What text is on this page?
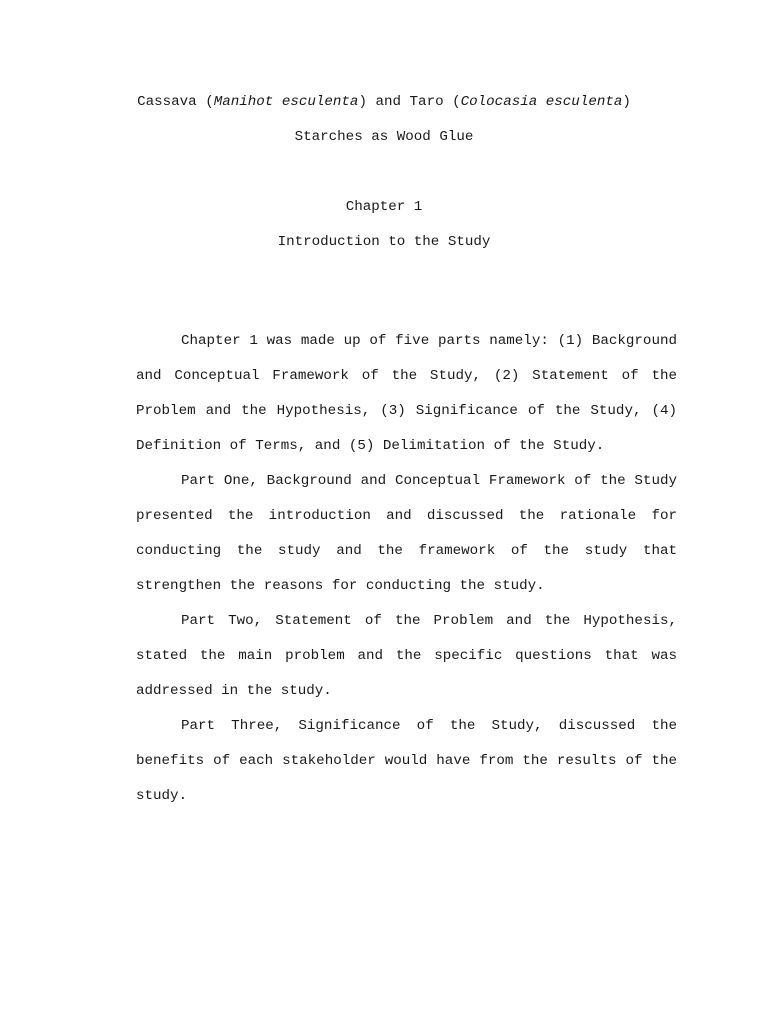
Cassava (Manihot esculenta) and Taro (Colocasia esculenta)
Starches as Wood Glue
Chapter 1
Introduction to the Study

Chapter 1 was made up of five parts namely: (1) Background and Conceptual Framework of the Study, (2) Statement of the Problem and the Hypothesis, (3) Significance of the Study, (4) Definition of Terms, and (5) Delimitation of the Study.

Part One, Background and Conceptual Framework of the Study presented the introduction and discussed the rationale for conducting the study and the framework of the study that strengthen the reasons for conducting the study.

Part Two, Statement of the Problem and the Hypothesis, stated the main problem and the specific questions that was addressed in the study.

Part Three, Significance of the Study, discussed the benefits of each stakeholder would have from the results of the study.
